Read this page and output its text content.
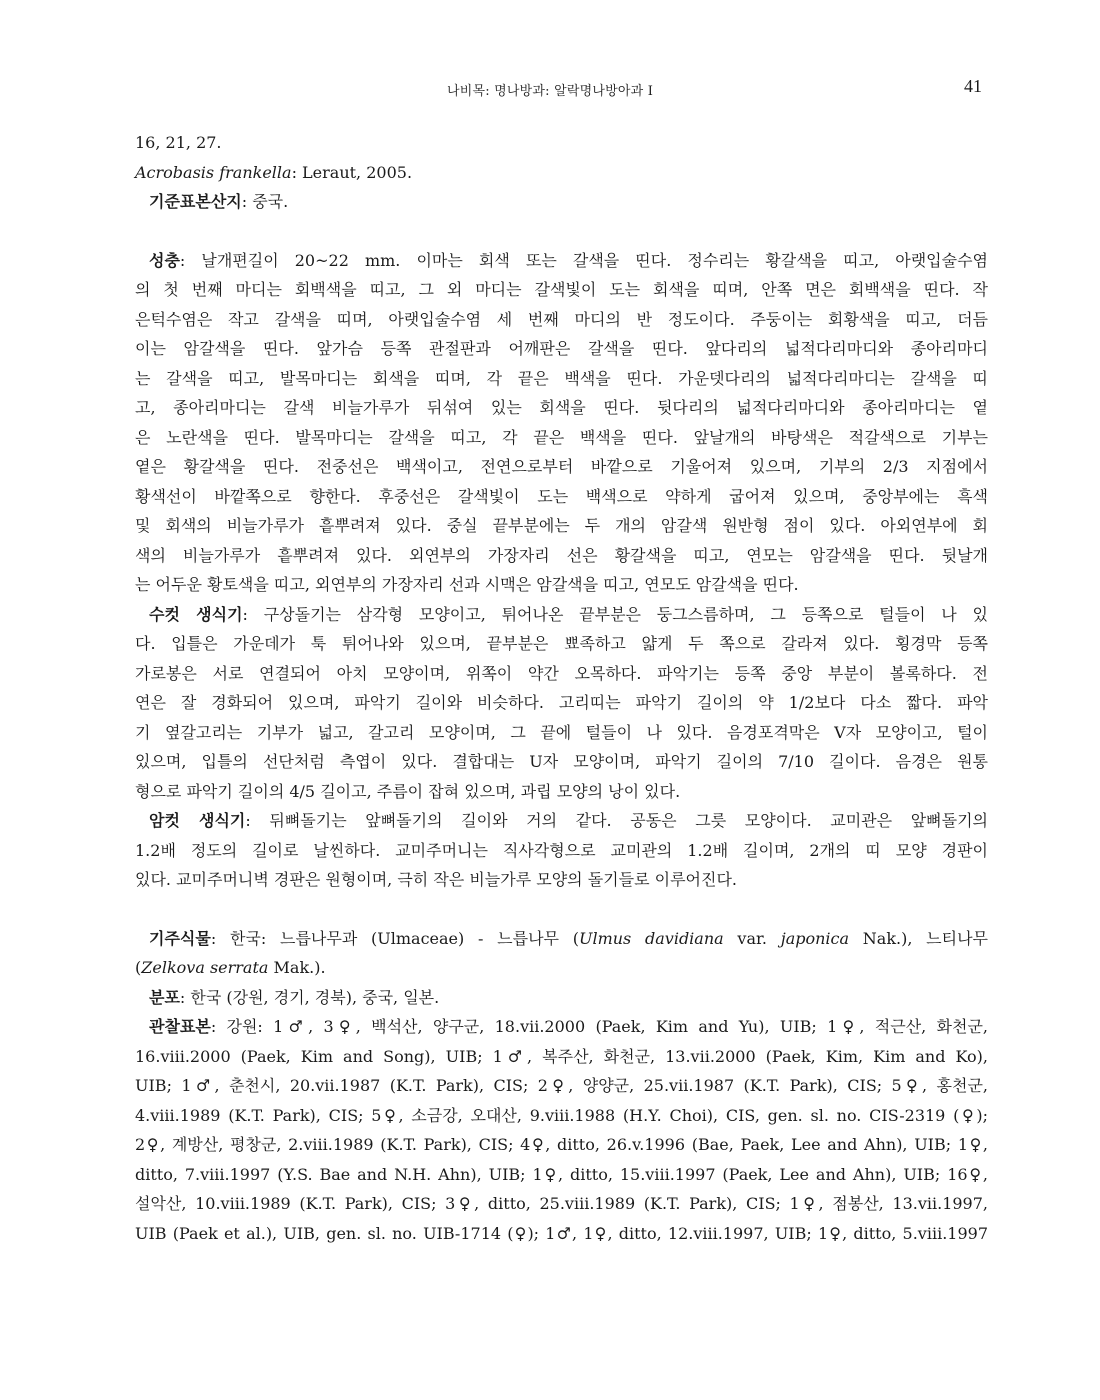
나비목: 명나방과: 알락명나방아과 I	41
16, 21, 27.
Acrobasis frankella: Leraut, 2005.
기준표본산지: 중국.
성충: 날개편길이 20~22 mm. 이마는 회색 또는 갈색을 띤다. 정수리는 황갈색을 띠고, 아랫입술수염
의 첫 번째 마디는 회백색을 띠고, 그 외 마디는 갈색빛이 도는 회색을 띠며, 안쪽 면은 회백색을 띤다. 작
은턱수염은 작고 갈색을 띠며, 아랫입술수염 세 번째 마디의 반 정도이다. 주둥이는 회황색을 띠고, 더듬
이는 암갈색을 띤다. 앞가슴 등쪽 관절판과 어깨판은 갈색을 띤다. 앞다리의 넓적다리마디와 종아리마디
는 갈색을 띠고, 발목마디는 회색을 띠며, 각 끝은 백색을 띤다. 가운뎃다리의 넓적다리마디는 갈색을 띠
고, 종아리마디는 갈색 비늘가루가 뒤섞여 있는 회색을 띤다. 뒷다리의 넓적다리마디와 종아리마디는 옅
은 노란색을 띤다. 발목마디는 갈색을 띠고, 각 끝은 백색을 띤다. 앞날개의 바탕색은 적갈색으로 기부는
옅은 황갈색을 띤다. 전중선은 백색이고, 전연으로부터 바깥으로 기울어져 있으며, 기부의 2/3 지점에서
황색선이 바깥쪽으로 향한다. 후중선은 갈색빛이 도는 백색으로 약하게 굽어져 있으며, 중앙부에는 흑색
및 회색의 비늘가루가 흩뿌려져 있다. 중실 끝부분에는 두 개의 암갈색 원반형 점이 있다. 아외연부에 회
색의 비늘가루가 흩뿌려져 있다. 외연부의 가장자리 선은 황갈색을 띠고, 연모는 암갈색을 띤다. 뒷날개
는 어두운 황토색을 띠고, 외연부의 가장자리 선과 시맥은 암갈색을 띠고, 연모도 암갈색을 띤다.
수컷 생식기: 구상돌기는 삼각형 모양이고, 튀어나온 끝부분은 둥그스름하며, 그 등쪽으로 털들이 나 있
다. 입틀은 가운데가 툭 튀어나와 있으며, 끝부분은 뾰족하고 얇게 두 쪽으로 갈라져 있다. 횡경막 등쪽
가로봉은 서로 연결되어 아치 모양이며, 위쪽이 약간 오목하다. 파악기는 등쪽 중앙 부분이 볼록하다. 전
연은 잘 경화되어 있으며, 파악기 길이와 비슷하다. 고리띠는 파악기 길이의 약 1/2보다 다소 짧다. 파악
기 옆갈고리는 기부가 넓고, 갈고리 모양이며, 그 끝에 털들이 나 있다. 음경포격막은 V자 모양이고, 털이
있으며, 입틀의 선단처럼 측엽이 있다. 결합대는 U자 모양이며, 파악기 길이의 7/10 길이다. 음경은 원통
형으로 파악기 길이의 4/5 길이고, 주름이 잡혀 있으며, 과립 모양의 낭이 있다.
암컷 생식기: 뒤뼈돌기는 앞뼈돌기의 길이와 거의 같다. 공동은 그릇 모양이다. 교미관은 앞뼈돌기의
1.2배 정도의 길이로 날씬하다. 교미주머니는 직사각형으로 교미관의 1.2배 길이며, 2개의 띠 모양 경판이
있다. 교미주머니벽 경판은 원형이며, 극히 작은 비늘가루 모양의 돌기들로 이루어진다.
기주식물: 한국: 느릅나무과 (Ulmaceae) - 느릅나무 (Ulmus davidiana var. japonica Nak.), 느티나무
(Zelkova serrata Mak.).
분포: 한국 (강원, 경기, 경북), 중국, 일본.
관찰표본: 강원: 1♂, 3♀, 백석산, 양구군, 18.vii.2000 (Paek, Kim and Yu), UIB; 1♀, 적근산, 화천군,
16.viii.2000 (Paek, Kim and Song), UIB; 1♂, 복주산, 화천군, 13.vii.2000 (Paek, Kim, Kim and Ko),
UIB; 1♂, 춘천시, 20.vii.1987 (K.T. Park), CIS; 2♀, 양양군, 25.vii.1987 (K.T. Park), CIS; 5♀, 홍천군,
4.viii.1989 (K.T. Park), CIS; 5♀, 소금강, 오대산, 9.viii.1988 (H.Y. Choi), CIS, gen. sl. no. CIS-2319 (♀);
2♀, 계방산, 평창군, 2.viii.1989 (K.T. Park), CIS; 4♀, ditto, 26.v.1996 (Bae, Paek, Lee and Ahn), UIB; 1♀,
ditto, 7.viii.1997 (Y.S. Bae and N.H. Ahn), UIB; 1♀, ditto, 15.viii.1997 (Paek, Lee and Ahn), UIB; 16♀,
설악산, 10.viii.1989 (K.T. Park), CIS; 3♀, ditto, 25.viii.1989 (K.T. Park), CIS; 1♀, 점봉산, 13.vii.1997,
UIB (Paek et al.), UIB, gen. sl. no. UIB-1714 (♀); 1♂, 1♀, ditto, 12.viii.1997, UIB; 1♀, ditto, 5.viii.1997
